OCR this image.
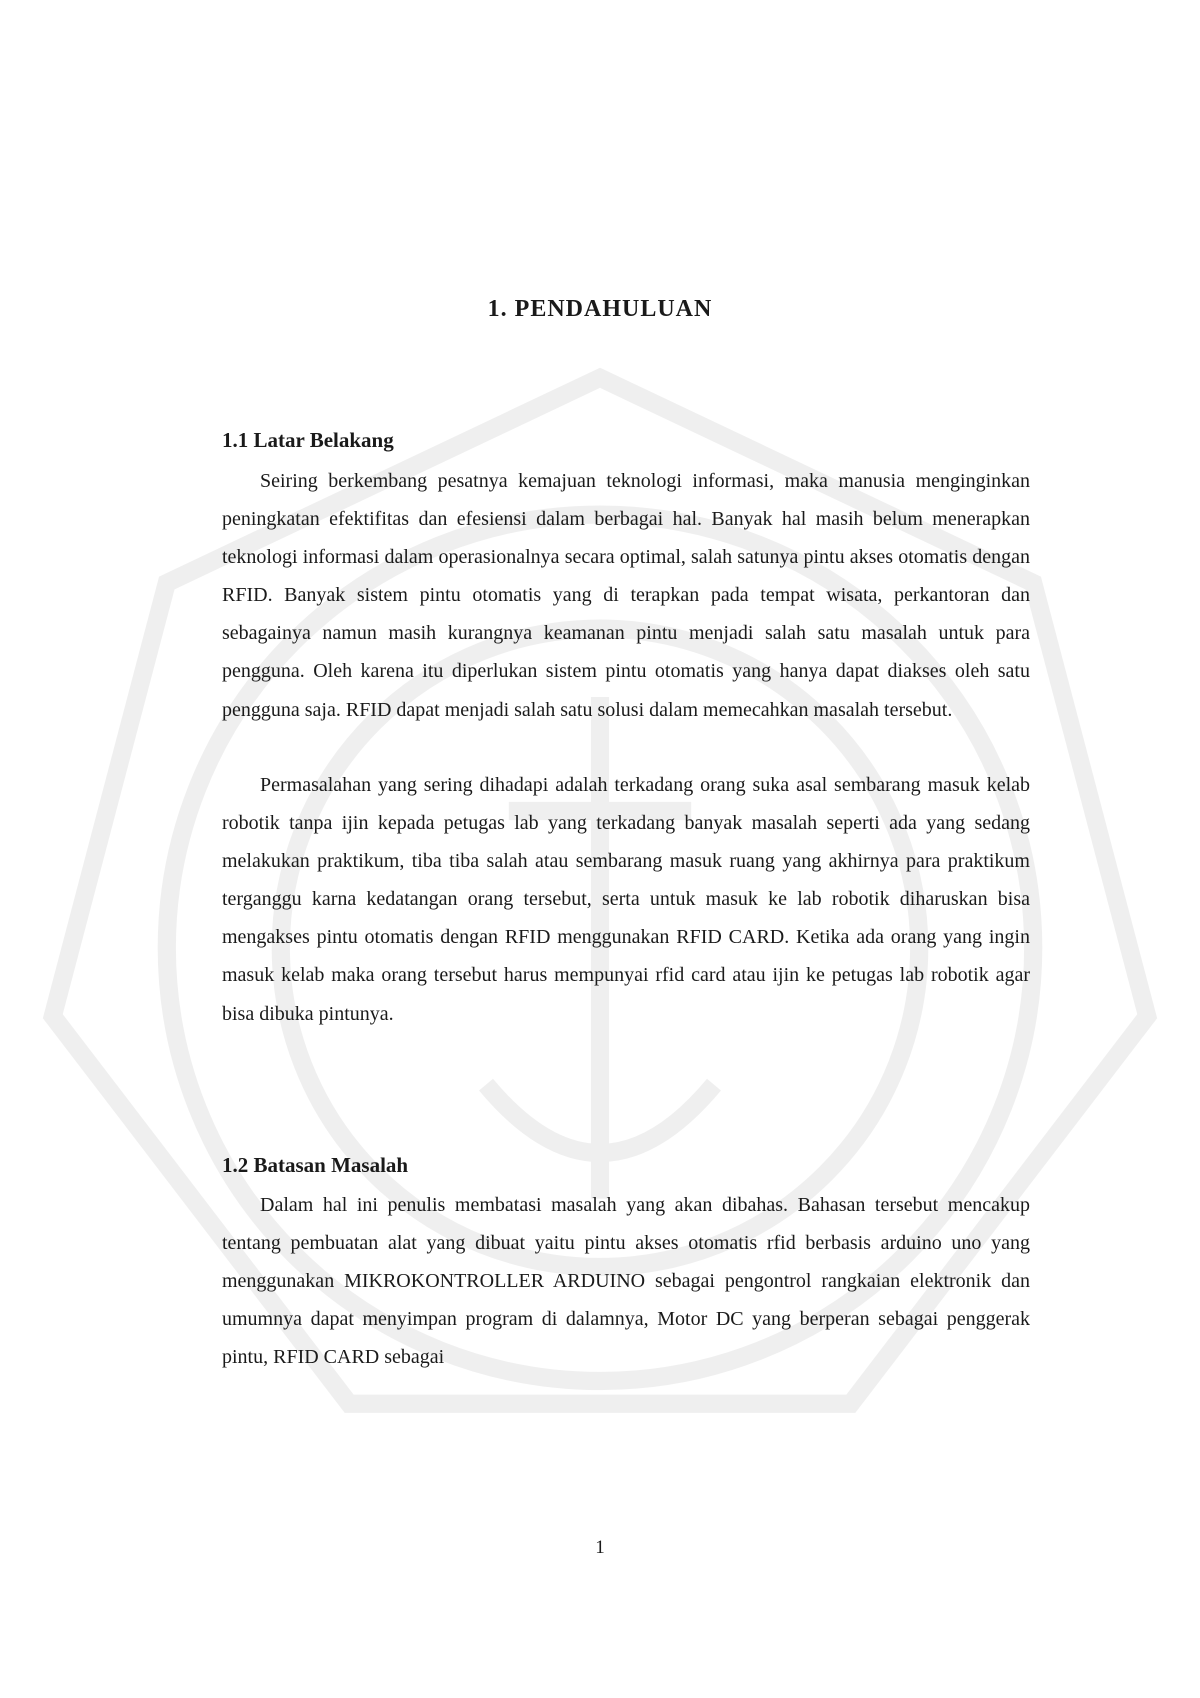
1. PENDAHULUAN
1.1 Latar Belakang

Seiring berkembang pesatnya kemajuan teknologi informasi, maka manusia menginginkan peningkatan efektifitas dan efesiensi dalam berbagai hal. Banyak hal masih belum menerapkan teknologi informasi dalam operasionalnya secara optimal, salah satunya pintu akses otomatis dengan RFID. Banyak sistem pintu otomatis yang di terapkan pada tempat wisata, perkantoran dan sebagainya namun masih kurangnya keamanan pintu menjadi salah satu masalah untuk para pengguna. Oleh karena itu diperlukan sistem pintu otomatis yang hanya dapat diakses oleh satu pengguna saja. RFID dapat menjadi salah satu solusi dalam memecahkan masalah tersebut.

Permasalahan yang sering dihadapi adalah terkadang orang suka asal sembarang masuk kelab robotik tanpa ijin kepada petugas lab yang terkadang banyak masalah seperti ada yang sedang melakukan praktikum, tiba tiba salah atau sembarang masuk ruang yang akhirnya para praktikum terganggu karna kedatangan orang tersebut, serta untuk masuk ke lab robotik diharuskan bisa mengakses pintu otomatis dengan RFID menggunakan RFID CARD. Ketika ada orang yang ingin masuk kelab maka orang tersebut harus mempunyai rfid card atau ijin ke petugas lab robotik agar bisa dibuka pintunya.

1.2 Batasan Masalah

Dalam hal ini penulis membatasi masalah yang akan dibahas. Bahasan tersebut mencakup tentang pembuatan alat yang dibuat yaitu pintu akses otomatis rfid berbasis arduino uno yang menggunakan MIKROKONTROLLER ARDUINO sebagai pengontrol rangkaian elektronik dan umumnya dapat menyimpan program di dalamnya, Motor DC yang berperan sebagai penggerak pintu, RFID CARD sebagai

1
